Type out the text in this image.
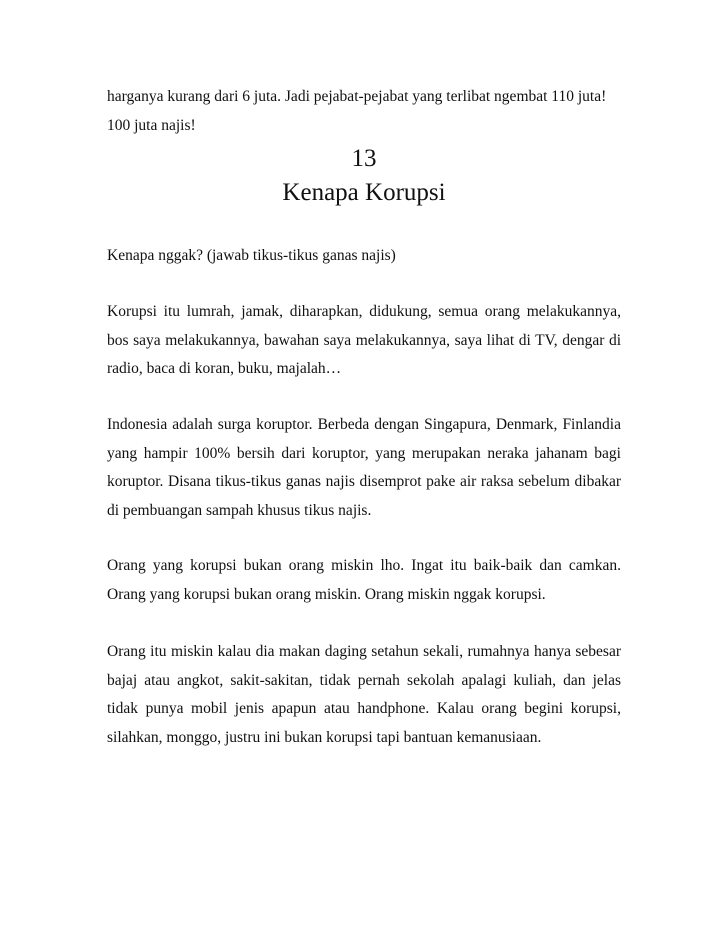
harganya kurang dari 6 juta. Jadi pejabat-pejabat yang terlibat ngembat 110 juta! 100 juta najis!

13
Kenapa Korupsi

Kenapa nggak? (jawab tikus-tikus ganas najis)

Korupsi itu lumrah, jamak, diharapkan, didukung, semua orang melakukannya, bos saya melakukannya, bawahan saya melakukannya, saya lihat di TV, dengar di radio, baca di koran, buku, majalah…

Indonesia adalah surga koruptor. Berbeda dengan Singapura, Denmark, Finlandia yang hampir 100% bersih dari koruptor, yang merupakan neraka jahanam bagi koruptor. Disana tikus-tikus ganas najis disemprot pake air raksa sebelum dibakar di pembuangan sampah khusus tikus najis.

Orang yang korupsi bukan orang miskin lho. Ingat itu baik-baik dan camkan. Orang yang korupsi bukan orang miskin. Orang miskin nggak korupsi.

Orang itu miskin kalau dia makan daging setahun sekali, rumahnya hanya sebesar bajaj atau angkot, sakit-sakitan, tidak pernah sekolah apalagi kuliah, dan jelas tidak punya mobil jenis apapun atau handphone. Kalau orang begini korupsi, silahkan, monggo, justru ini bukan korupsi tapi bantuan kemanusiaan.
